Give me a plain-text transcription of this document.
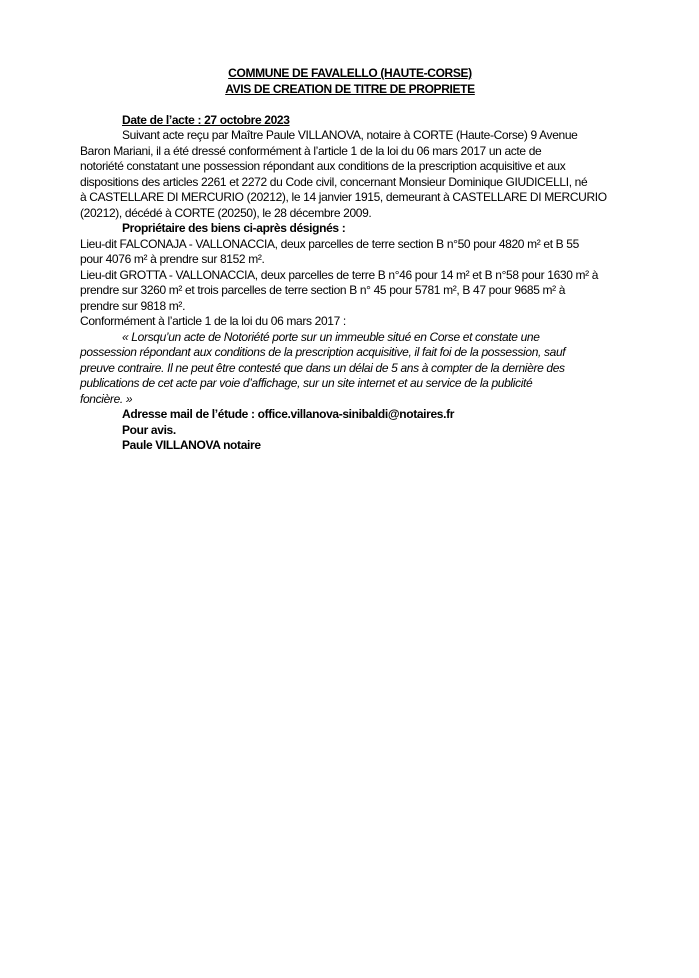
COMMUNE DE FAVALELLO (HAUTE-CORSE)
AVIS DE CREATION DE TITRE DE PROPRIETE
Date de l’acte : 27 octobre 2023
Suivant acte reçu par Maître Paule VILLANOVA, notaire à CORTE (Haute-Corse) 9 Avenue
Baron Mariani, il a été dressé conformément à l’article 1 de la loi du 06 mars 2017 un acte de
notoriété constatant une possession répondant aux conditions de la prescription acquisitive et aux
dispositions des articles 2261 et 2272 du Code civil, concernant Monsieur Dominique GIUDICELLI, né
à CASTELLARE DI MERCURIO (20212), le 14 janvier 1915, demeurant à CASTELLARE DI MERCURIO
(20212), décédé à CORTE (20250), le 28 décembre 2009.
Propriétaire des biens ci-après désignés :
Lieu-dit FALCONAJA - VALLONACCIA, deux parcelles de terre section B n°50 pour 4820 m² et B 55
pour 4076 m² à prendre sur 8152 m².
Lieu-dit GROTTA - VALLONACCIA, deux parcelles de terre B n°46 pour 14 m² et B n°58 pour 1630 m² à
prendre sur 3260 m² et trois parcelles de terre section B n° 45 pour 5781 m², B 47 pour 9685 m² à
prendre sur 9818 m².
Conformément à l’article 1 de la loi du 06 mars 2017 :
« Lorsqu’un acte de Notoriété porte sur un immeuble situé en Corse et constate une
possession répondant aux conditions de la prescription acquisitive, il fait foi de la possession, sauf
preuve contraire. Il ne peut être contesté que dans un délai de 5 ans à compter de la dernière des
publications de cet acte par voie d’affichage, sur un site internet et au service de la publicité
foncière. »
Adresse mail de l’étude : office.villanova-sinibaldi@notaires.fr
Pour avis.
Paule VILLANOVA notaire
